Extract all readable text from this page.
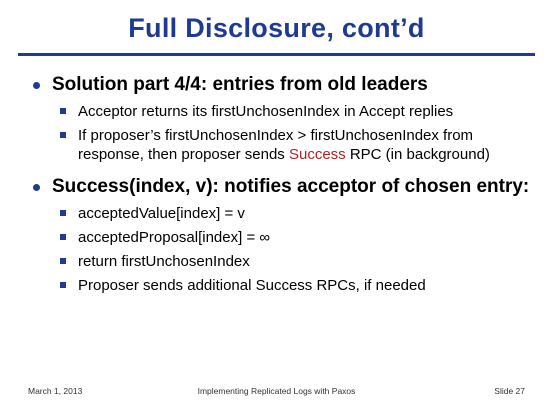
Full Disclosure, cont’d
Solution part 4/4: entries from old leaders
Acceptor returns its firstUnchosenIndex in Accept replies
If proposer’s firstUnchosenIndex > firstUnchosenIndex from response, then proposer sends Success RPC (in background)
Success(index, v): notifies acceptor of chosen entry:
acceptedValue[index] = v
acceptedProposal[index] = ∞
return firstUnchosenIndex
Proposer sends additional Success RPCs, if needed
March 1, 2013	Implementing Replicated Logs with Paxos	Slide 27
